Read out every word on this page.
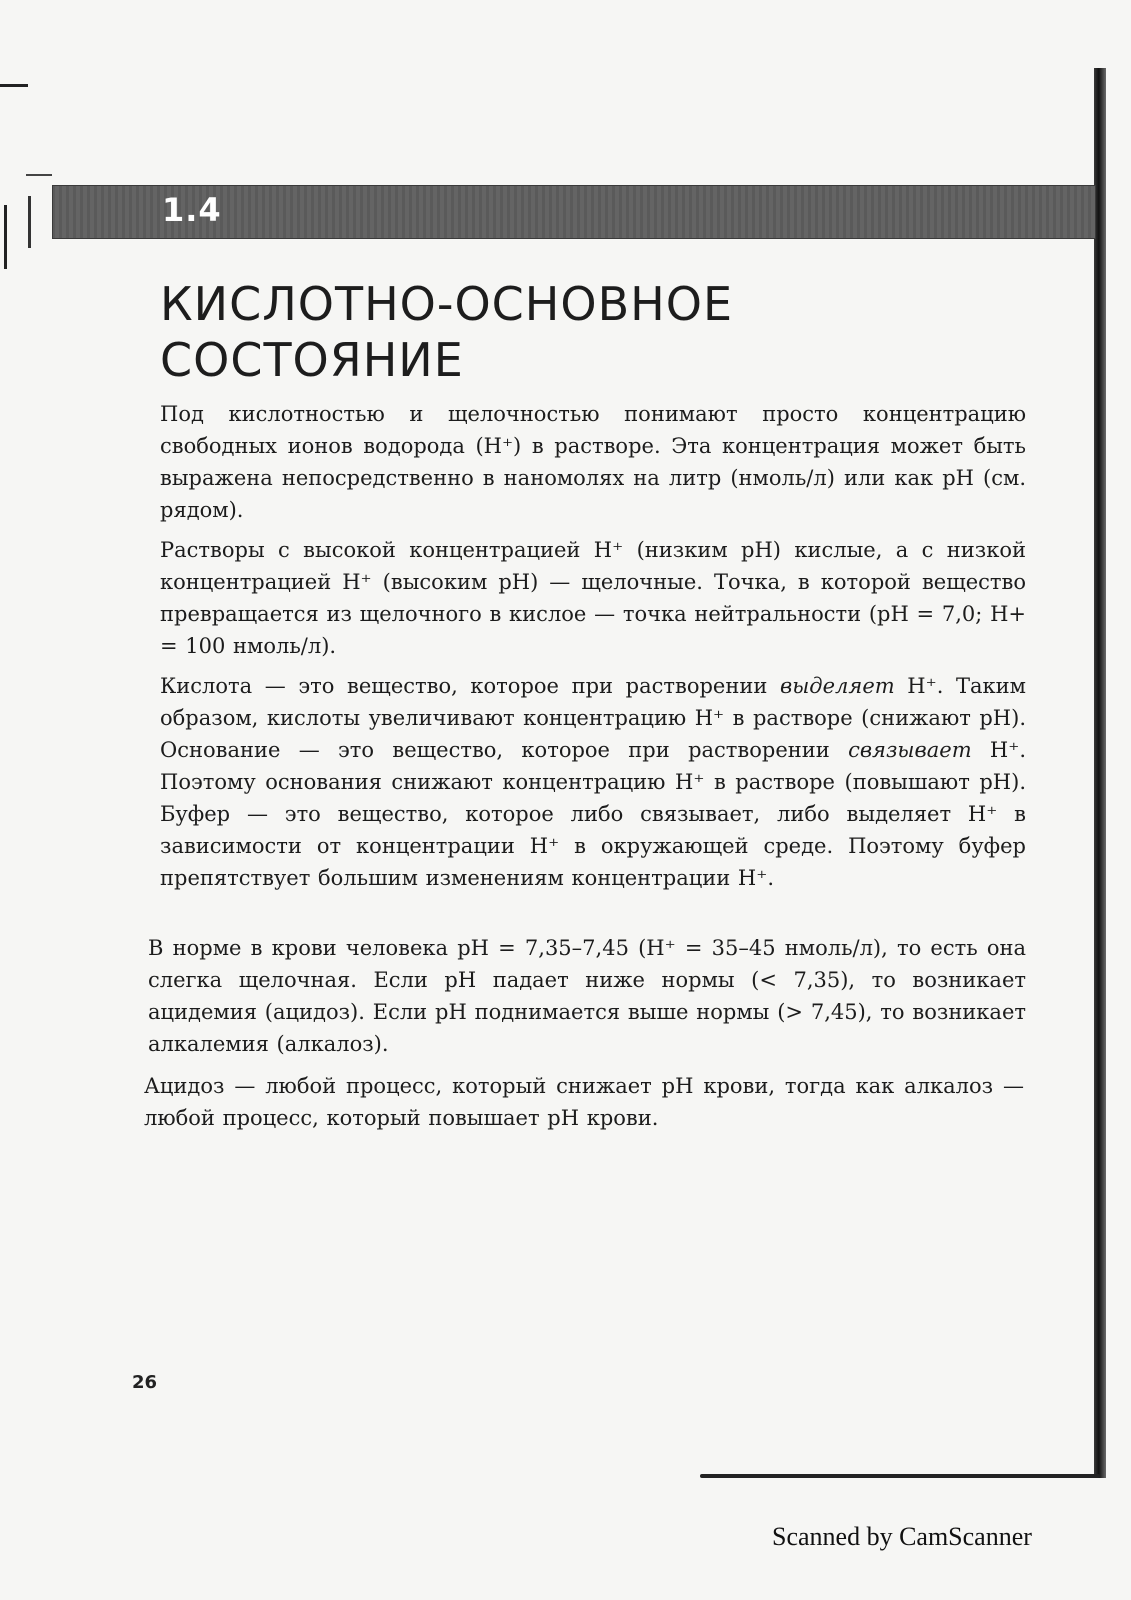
1.4
КИСЛОТНО-ОСНОВНОЕ
СОСТОЯНИЕ

Под кислотностью и щелочностью понимают просто концентрацию свободных ионов водорода (Н⁺) в растворе. Эта концентрация может быть выражена непосредственно в наномолях на литр (нмоль/л) или как pH (см. рядом).

Растворы с высокой концентрацией Н⁺ (низким pH) кислые, а с низкой концентрацией Н⁺ (высоким pH) — щелочные. Точка, в которой вещество превращается из щелочного в кислое — точка нейтральности (pH = 7,0; H+ = 100 нмоль/л).

Кислота — это вещество, которое при растворении выделяет Н⁺. Таким образом, кислоты увеличивают концентрацию Н⁺ в растворе (снижают pH). Основание — это вещество, которое при растворении связывает Н⁺. Поэтому основания снижают концентрацию Н⁺ в растворе (повышают pH). Буфер — это вещество, которое либо связывает, либо выделяет Н⁺ в зависимости от концентрации Н⁺ в окружающей среде. Поэтому буфер препятствует большим изменениям концентрации Н⁺.

В норме в крови человека pH = 7,35–7,45 (Н⁺ = 35–45 нмоль/л), то есть она слегка щелочная. Если pH падает ниже нормы (< 7,35), то возникает ацидемия (ацидоз). Если pH поднимается выше нормы (> 7,45), то возникает алкалемия (алкалоз).

Ацидоз — любой процесс, который снижает pH крови, тогда как алкалоз — любой процесс, который повышает pH крови.

26
Scanned by CamScanner
